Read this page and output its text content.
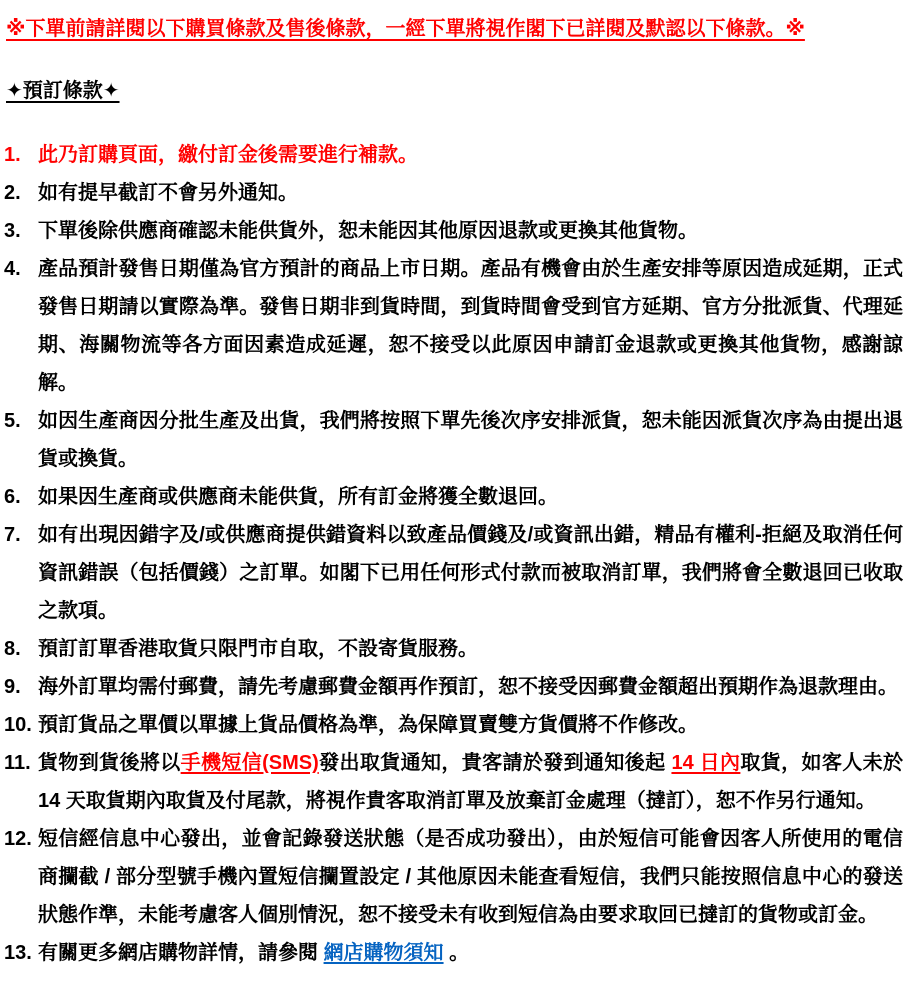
※下單前請詳閱以下購買條款及售後條款，一經下單將視作閣下已詳閱及默認以下條款。※
✦預訂條款✦
1. 此乃訂購頁面，繳付訂金後需要進行補款。
2. 如有提早截訂不會另外通知。
3. 下單後除供應商確認未能供貨外，恕未能因其他原因退款或更換其他貨物。
4. 產品預計發售日期僅為官方預計的商品上市日期。產品有機會由於生產安排等原因造成延期，正式發售日期請以實際為準。發售日期非到貨時間，到貨時間會受到官方延期、官方分批派貨、代理延期、海關物流等各方面因素造成延遲，恕不接受以此原因申請訂金退款或更換其他貨物，感謝諒解。
5. 如因生產商因分批生產及出貨，我們將按照下單先後次序安排派貨，恕未能因派貨次序為由提出退貨或換貨。
6. 如果因生產商或供應商未能供貨，所有訂金將獲全數退回。
7. 如有出現因錯字及/或供應商提供錯資料以致產品價錢及/或資訊出錯，精品有權利-拒絕及取消任何資訊錯誤（包括價錢）之訂單。如閣下已用任何形式付款而被取消訂單，我們將會全數退回已收取之款項。
8. 預訂訂單香港取貨只限門市自取，不設寄貨服務。
9. 海外訂單均需付郵費，請先考慮郵費金額再作預訂，恕不接受因郵費金額超出預期作為退款理由。
10. 預訂貨品之單價以單據上貨品價格為準，為保障買賣雙方貨價將不作修改。
11. 貨物到貨後將以手機短信(SMS)發出取貨通知，貴客請於發到通知後起 14 日內取貨，如客人未於 14 天取貨期內取貨及付尾款，將視作貴客取消訂單及放棄訂金處理（撻訂），恕不作另行通知。
12. 短信經信息中心發出，並會記錄發送狀態（是否成功發出），由於短信可能會因客人所使用的電信商攔截 / 部分型號手機內置短信攔置設定 / 其他原因未能查看短信，我們只能按照信息中心的發送狀態作準，未能考慮客人個別情況，恕不接受未有收到短信為由要求取回已撻訂的貨物或訂金。
13. 有關更多網店購物詳情，請參閱 網店購物須知 。
